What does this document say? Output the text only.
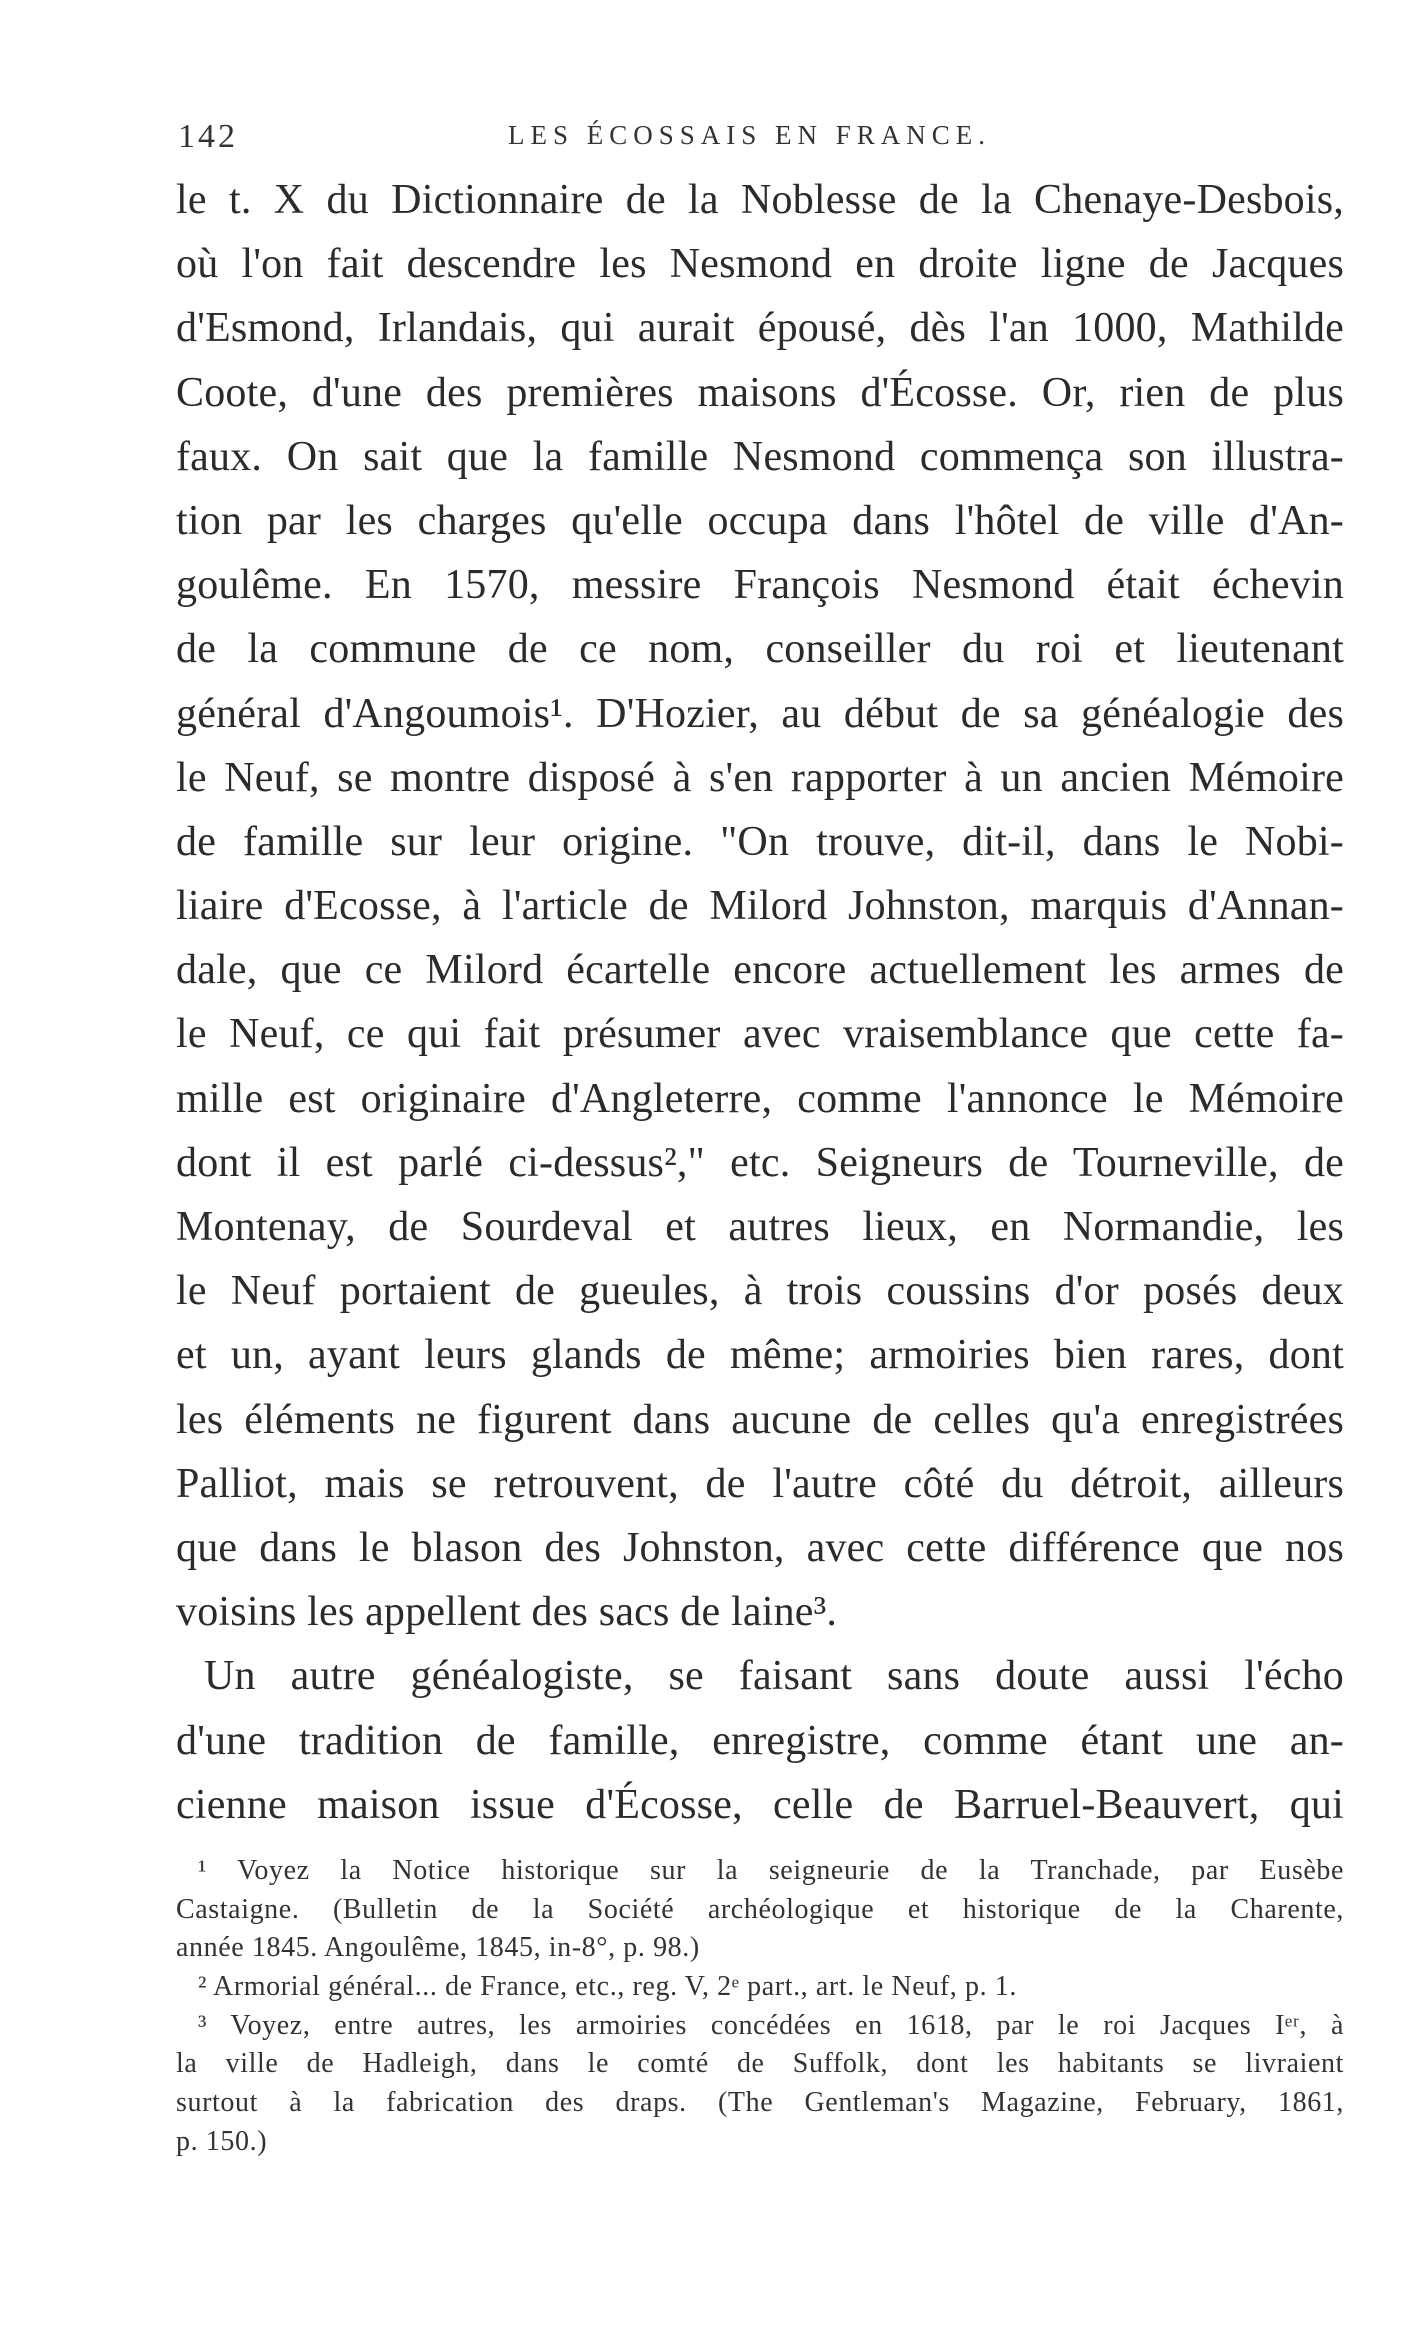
142	LES ÉCOSSAIS EN FRANCE.
le t. X du Dictionnaire de la Noblesse de la Chenaye-Desbois,
où l'on fait descendre les Nesmond en droite ligne de Jacques
d'Esmond, Irlandais, qui aurait épousé, dès l'an 1000, Mathilde
Coote, d'une des premières maisons d'Écosse. Or, rien de plus
faux. On sait que la famille Nesmond commença son illustra-
tion par les charges qu'elle occupa dans l'hôtel de ville d'An-
goulême. En 1570, messire François Nesmond était échevin
de la commune de ce nom, conseiller du roi et lieutenant
général d'Angoumois¹. D'Hozier, au début de sa généalogie des
le Neuf, se montre disposé à s'en rapporter à un ancien Mémoire
de famille sur leur origine. "On trouve, dit-il, dans le Nobi-
liaire d'Ecosse, à l'article de Milord Johnston, marquis d'Annan-
dale, que ce Milord écartelle encore actuellement les armes de
le Neuf, ce qui fait présumer avec vraisemblance que cette fa-
mille est originaire d'Angleterre, comme l'annonce le Mémoire
dont il est parlé ci-dessus²," etc. Seigneurs de Tourneville, de
Montenay, de Sourdeval et autres lieux, en Normandie, les
le Neuf portaient de gueules, à trois coussins d'or posés deux
et un, ayant leurs glands de même; armoiries bien rares, dont
les éléments ne figurent dans aucune de celles qu'a enregistrées
Palliot, mais se retrouvent, de l'autre côté du détroit, ailleurs
que dans le blason des Johnston, avec cette différence que nos
voisins les appellent des sacs de laine³.
Un autre généalogiste, se faisant sans doute aussi l'écho
d'une tradition de famille, enregistre, comme étant une an-
cienne maison issue d'Écosse, celle de Barruel-Beauvert, qui
¹ Voyez la Notice historique sur la seigneurie de la Tranchade, par Eusèbe
Castaigne. (Bulletin de la Société archéologique et historique de la Charente,
année 1845. Angoulême, 1845, in-8°, p. 98.)
² Armorial général... de France, etc., reg. V, 2ᵉ part., art. le Neuf, p. 1.
³ Voyez, entre autres, les armoiries concédées en 1618, par le roi Jacques Iᵉʳ, à
la ville de Hadleigh, dans le comté de Suffolk, dont les habitants se livraient
surtout à la fabrication des draps. (The Gentleman's Magazine, February, 1861,
p. 150.)
